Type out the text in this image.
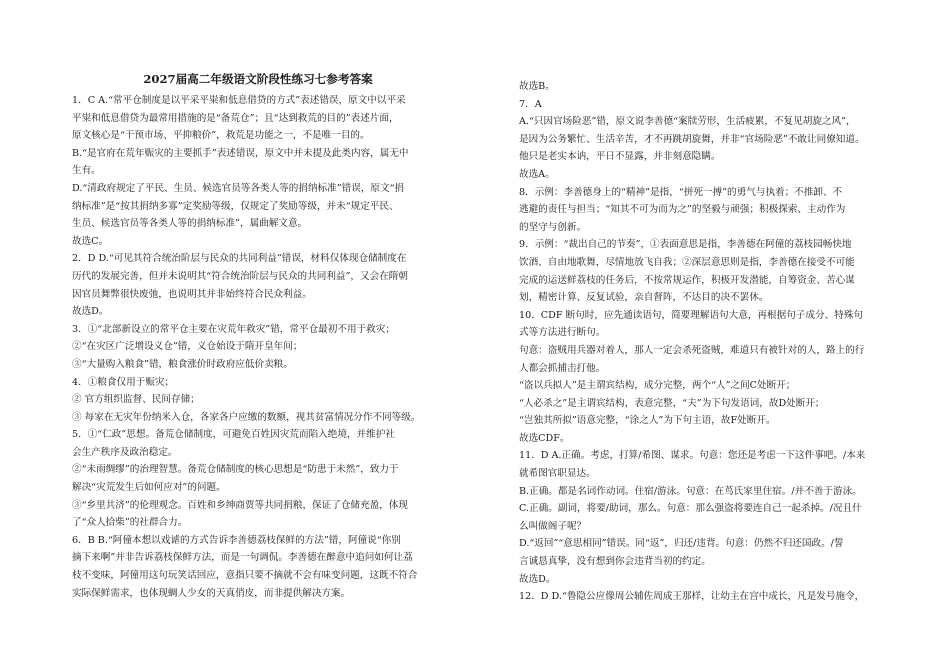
2027届高二年级语文阶段性练习七参考答案
1．C A.“常平仓制度是以平采平粜和低息借贷的方式”表述错误，原文中以平采
平粜和低息借贷为最常用措施的是“备荒仓”；且“达到救荒的目的”表述片面，
原文核心是“干预市场、平抑粮价”，救荒是功能之一，不是唯一目的。
B.“是官府在荒年赈灾的主要抓手”表述错误，原文中并未提及此类内容，属无中
生有。
D.“清政府规定了平民、生员、候选官员等各类人等的捐纳标准”错误，原文“捐
纳标准”是“按其捐纳多寡”定奖励等级，仅规定了奖励等级，并未“规定平民、
生员、候选官员等各类人等的捐纳标准”，属曲解文意。
故选C。
2．D D.“可见其符合统治阶层与民众的共同利益”错误，材料仅体现仓储制度在
历代的发展完善，但并未说明其“符合统治阶层与民众的共同利益”，又会在隋朝
因官员舞弊很快废弛，也说明其并非始终符合民众利益。
故选D。
3．①“北部新设立的常平仓主要在灾荒年救灾”错，常平仓最初不用于救灾；
②“在灾区广泛增设义仓”错，义仓始设于隋开皇年间；
③“大量购入粮食”错，粮食涨价时政府应低价卖粮。
4．①粮食仅用于赈灾；
② 官方组织监督、民间存储；
③ 每家在无灾年份纳米入仓，各家各户应缴的数额，视其贫富情况分作不同等级。
5．①“仁政”思想。备荒仓储制度，可避免百姓因灾荒而陷入绝境，并维护社
会生产秩序及政治稳定。
②“未雨绸缪”的治理智慧。备荒仓储制度的核心思想是“防患于未然”，致力于
解决“灾荒发生后如何应对”的问题。
③“乡里共济”的伦理观念。百姓和乡绅商贾等共同捐粮，保证了仓储充盈，体现
了“众人拾柴”的社群合力。
6．B B.“阿僮本想以戏谑的方式告诉李善德荔枝保鲜的方法”错，阿僮说“你别
摘下来啊”并非告诉荔枝保鲜方法，而是一句调侃。李善德在醉意中追问如何让荔
枝不变味，阿僮用这句玩笑话回应，意指只要不摘就不会有味变问题，这既不符合
实际保鲜需求，也体现蜩人少女的天真俏皮，而非提供解决方案。
故选B。
7．A
A.“只因官场险恶”错，原文说李善德“案牍劳形，生活疲累，不复见胡旋之风”，
是因为公务繁忙、生活辛苦，才不再跳胡旋舞，并非“官场险恶”不敢让同僚知道。
他只是老实本讷，平日不显露，并非刻意隐瞒。
故选A。
8．示例：李善德身上的“精神”是指，“拼死一搏”的勇气与执着；不推卸、不
逃避的责任与担当；“知其不可为而为之”的坚毅与顽强；积极探索、主动作为
的坚守与创新。
9．示例：“裁出自己的节奏”，①表面意思是指，李善德在阿僮的荔枝园畅快地
饮酒、自由地歌舞，尽情地放飞自我；②深层意思则是指，李善德在接受不可能
完成的运送鲜荔枝的任务后，不按常规运作，积极开发潜能，自筹资金、苦心谋
划，精密计算、反复试验，亲自督阵，不达目的决不罢休。
10．CDF 断句时，应先通读语句，简要理解语句大意，再根据句子成分、特殊句
式等方法进行断句。
句意：盗贼用兵器对着人，那人一定会杀死盗贼，难道只有被针对的人，路上的行
人都会抓捕击打他。
“盗以兵拟人”是主谓宾结构，成分完整，两个“人”之间C处断开；
“人必杀之”是主谓宾结构，表意完整，“夫”为下句发语词，故D处断开；
“岂独其所拟”语意完整，“涂之人”为下句主语，故F处断开。
故选CDF。
11．D A.正确。考虑，打算/希图、谋求。句意：您还是考虑一下这件事吧。/本来
就希图官职显达。
B.正确。都是名词作动词。住宿/游泳。句意：在茑氏家里住宿。/并不善于游泳。
C.正确。副词，将要/助词，那么。句意：那么强盗将要连自己一起杀掉。/况且什
么叫做阁子呢？
D.“返回”“意思相同”错误。同“返”，归还/违背。句意：仍然不归还国政。/誓
言诚恳真挚，没有想到你会违背当初的约定。
故选D。
12．D D.“鲁隐公应像周公辅佐周成王那样，让幼主在宫中成长，凡是发号施令，
